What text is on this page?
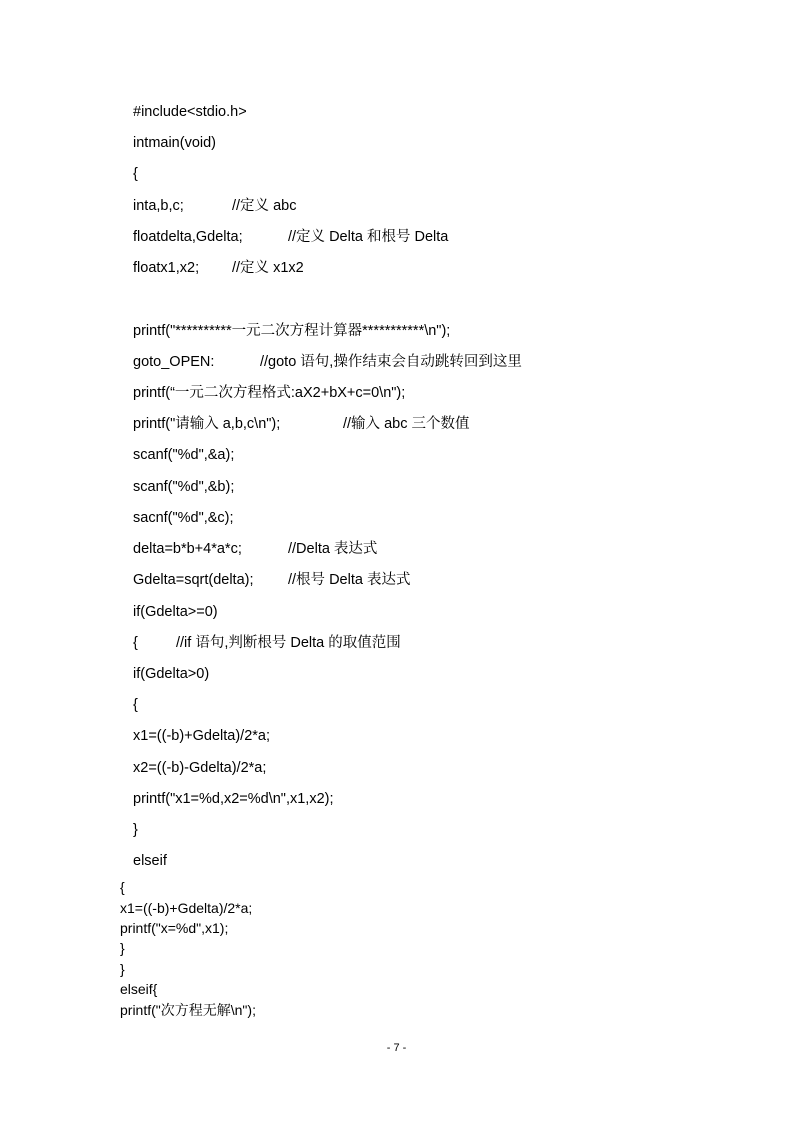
#include<stdio.h>
intmain(void)
{
inta,b,c;	//定义 abc
floatdelta,Gdelta;	//定义 Delta 和根号 Delta
floatx1,x2; //定义 x1x2
printf("**********一元二次方程计算器***********\n");
goto_OPEN:	//goto 语句,操作结束会自动跳转回到这里
printf(“一元二次方程格式:aX2+bX+c=0\n");
printf("请输入 a,b,c\n");	//输入 abc 三个数值
scanf("%d",&a);
scanf("%d",&b);
sacnf("%d",&c);
delta=b*b+4*a*c;	//Delta 表达式
Gdelta=sqrt(delta); //根号 Delta 表达式
if(Gdelta>=0)
{	//if 语句,判断根号 Delta 的取值范围
if(Gdelta>0)
{
x1=((-b)+Gdelta)/2*a;
x2=((-b)-Gdelta)/2*a;
printf("x1=%d,x2=%d\n",x1,x2);
}
elseif
{
x1=((-b)+Gdelta)/2*a;
printf("x=%d",x1);
}
}
elseif{
printf("次方程无解\n");
- 7 -
